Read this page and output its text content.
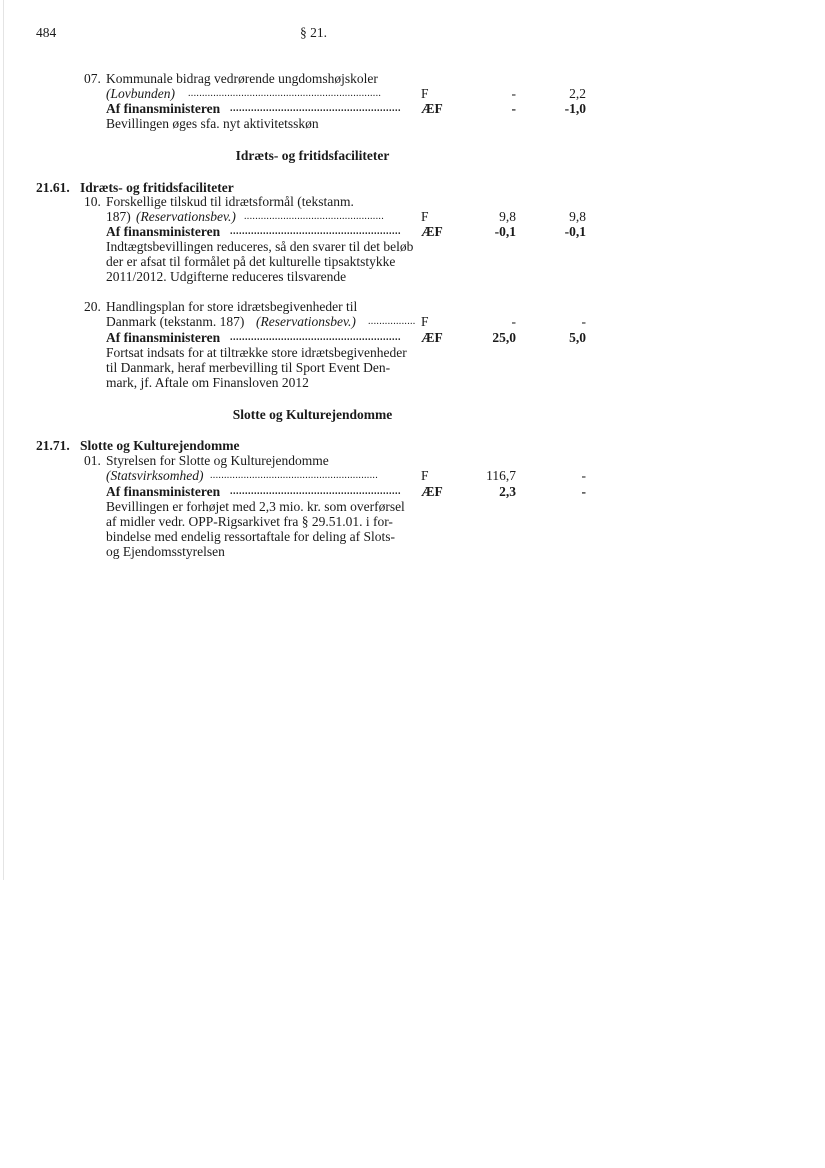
484	§ 21.
07. Kommunale bidrag vedrørende ungdomshøjskoler
(Lovbunden) .....................................................................	F	-	2,2
Af finansministeren ......................................................... ÆF	-	-1,0
Bevillingen øges sfa. nyt aktivitetsskøn
Idræts- og fritidsfaciliteter
21.61. Idræts- og fritidsfaciliteter
10. Forskellige tilskud til idrætsformål (tekstanm.
187) (Reservationsbev.) ..................................................	F	9,8	9,8
Af finansministeren ......................................................... ÆF	-0,1	-0,1
Indtægtsbevillingen reduceres, så den svarer til det beløb
der er afsat til formålet på det kulturelle tipsaktstykke
2011/2012. Udgifterne reduceres tilsvarende
20. Handlingsplan for store idrætsbegivenheder til
Danmark (tekstanm. 187) (Reservationsbev.) ................. F	-	-
Af finansministeren ......................................................... ÆF	25,0	5,0
Fortsat indsats for at tiltrække store idrætsbegivenheder
til Danmark, heraf merbevilling til Sport Event Den-
mark, jf. Aftale om Finansloven 2012
Slotte og Kulturejendomme
21.71. Slotte og Kulturejendomme
01. Styrelsen for Slotte og Kulturejendomme
(Statsvirksomhed) ............................................................	F	116,7	-
Af finansministeren ......................................................... ÆF	2,3	-
Bevillingen er forhøjet med 2,3 mio. kr. som overførsel
af midler vedr. OPP-Rigsarkivet fra § 29.51.01. i for-
bindelse med endelig ressortaftale for deling af Slots-
og Ejendomsstyrelsen
